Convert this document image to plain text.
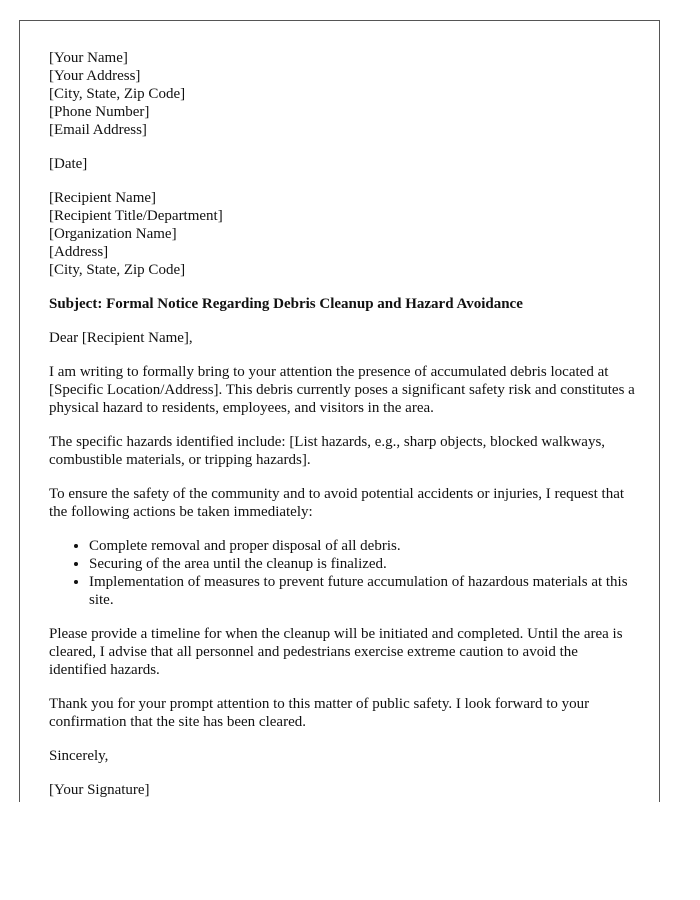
[Your Name]
[Your Address]
[City, State, Zip Code]
[Phone Number]
[Email Address]
[Date]
[Recipient Name]
[Recipient Title/Department]
[Organization Name]
[Address]
[City, State, Zip Code]

Subject: Formal Notice Regarding Debris Cleanup and Hazard Avoidance

Dear [Recipient Name],

I am writing to formally bring to your attention the presence of accumulated debris located at [Specific Location/Address]. This debris currently poses a significant safety risk and constitutes a physical hazard to residents, employees, and visitors in the area.

The specific hazards identified include: [List hazards, e.g., sharp objects, blocked walkways, combustible materials, or tripping hazards].

To ensure the safety of the community and to avoid potential accidents or injuries, I request that the following actions be taken immediately:

• Complete removal and proper disposal of all debris.
• Securing of the area until the cleanup is finalized.
• Implementation of measures to prevent future accumulation of hazardous materials at this site.

Please provide a timeline for when the cleanup will be initiated and completed. Until the area is cleared, I advise that all personnel and pedestrians exercise extreme caution to avoid the identified hazards.

Thank you for your prompt attention to this matter of public safety. I look forward to your confirmation that the site has been cleared.

Sincerely,

[Your Signature]
